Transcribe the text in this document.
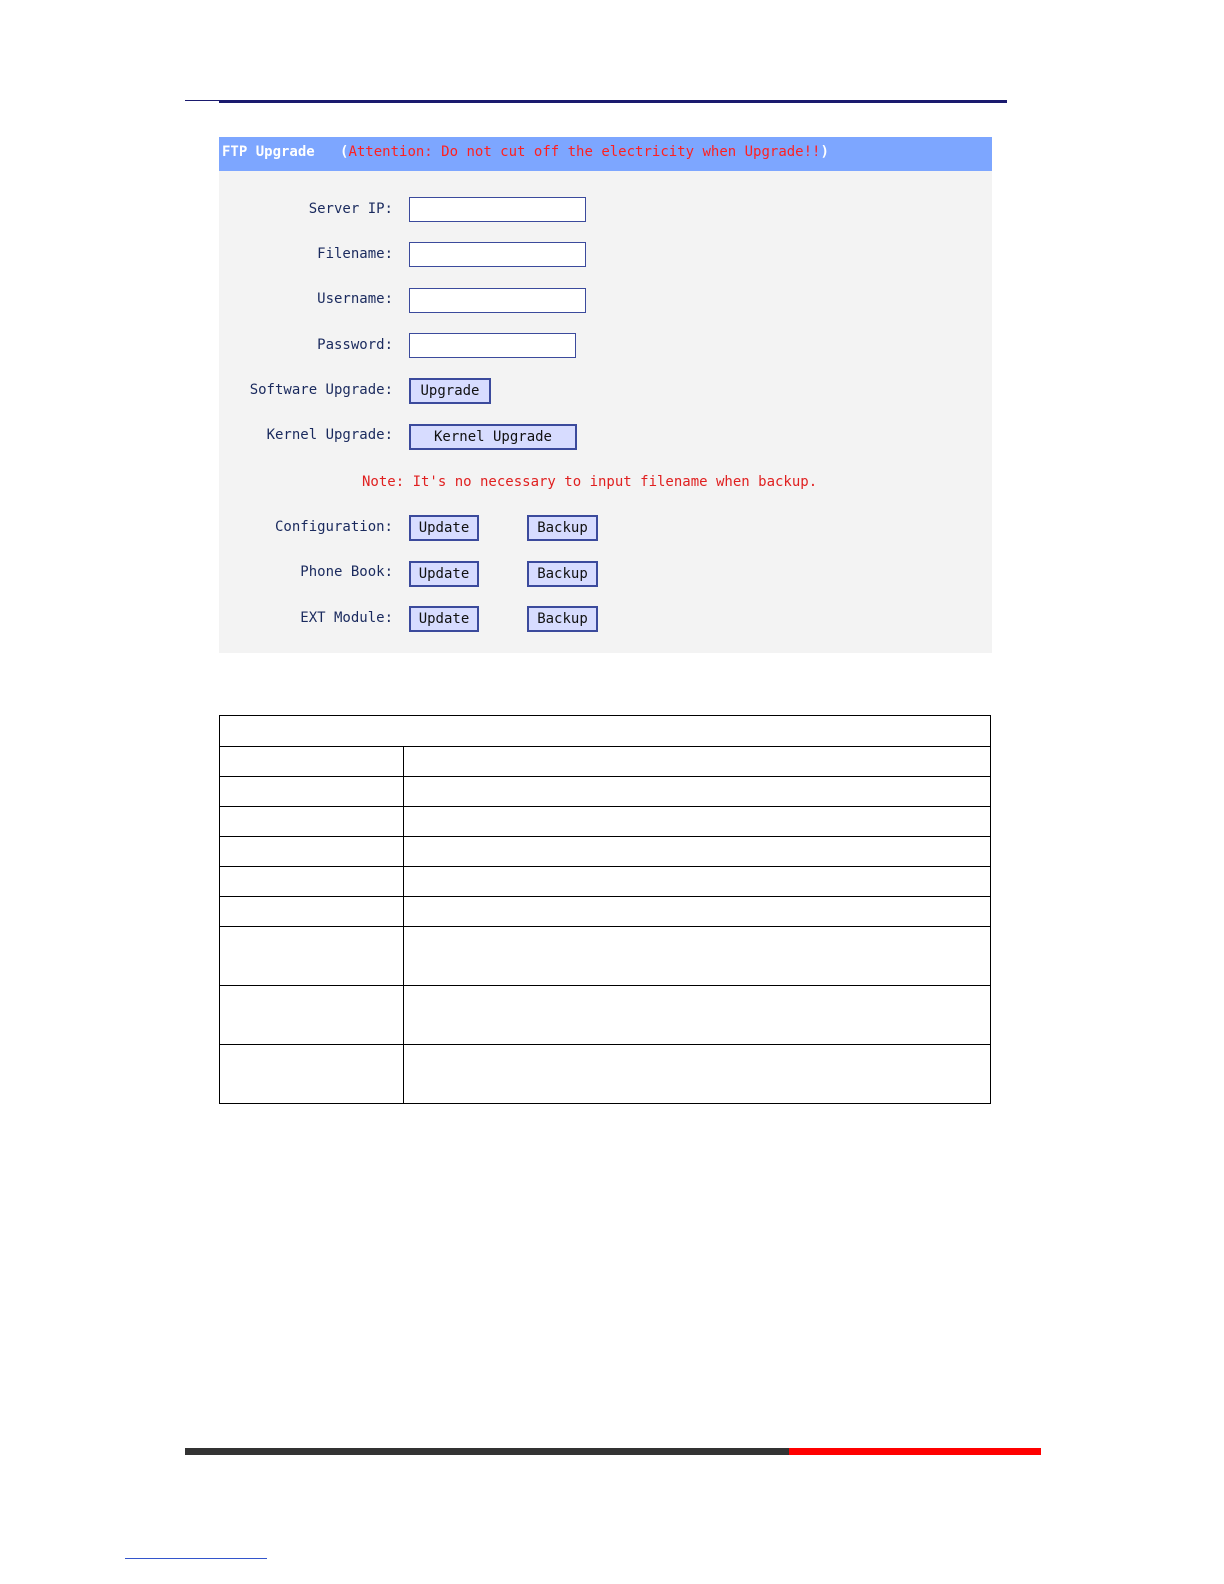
FTP Upgrade (Attention: Do not cut off the electricity when Upgrade!!)
Server IP:
Filename:
Username:
Password:
Software Upgrade:	Upgrade
Kernel Upgrade:	Kernel Upgrade
Note: It's no necessary to input filename when backup.
Configuration:	Update	Backup
Phone Book:	Update	Backup
EXT Module:	Update	Backup
